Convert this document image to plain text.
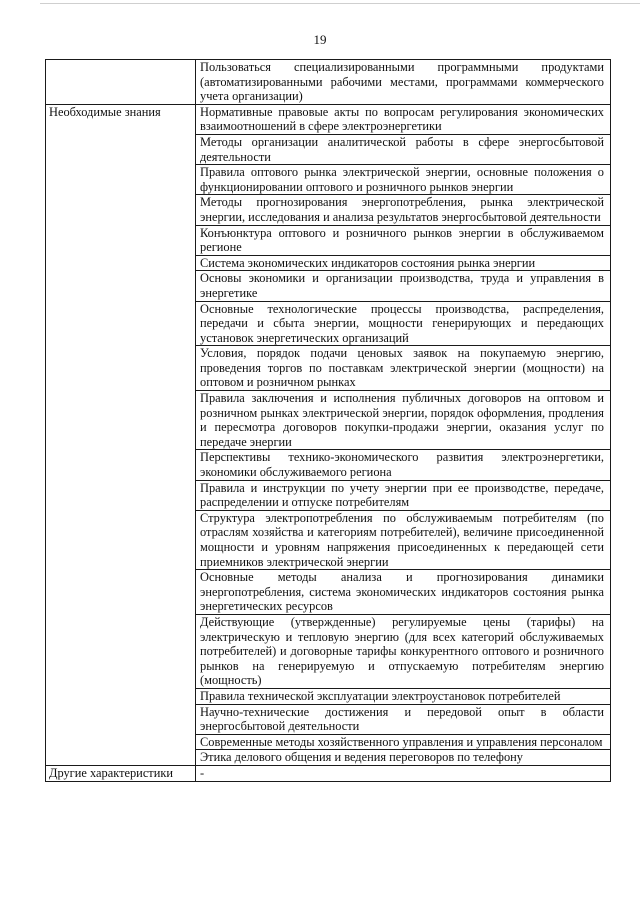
19
	Пользоваться специализированными программными продуктами (автоматизированными рабочими местами, программами коммерческого учета организации)
Необходимые знания	Нормативные правовые акты по вопросам регулирования экономических взаимоотношений в сфере электроэнергетики
	Методы организации аналитической работы в сфере энергосбытовой деятельности
	Правила оптового рынка электрической энергии, основные положения о функционировании оптового и розничного рынков энергии
	Методы прогнозирования энергопотребления, рынка электрической энергии, исследования и анализа результатов энергосбытовой деятельности
	Конъюнктура оптового и розничного рынков энергии в обслуживаемом регионе
	Система экономических индикаторов состояния рынка энергии
	Основы экономики и организации производства, труда и управления в энергетике
	Основные технологические процессы производства, распределения, передачи и сбыта энергии, мощности генерирующих и передающих установок энергетических организаций
	Условия, порядок подачи ценовых заявок на покупаемую энергию, проведения торгов по поставкам электрической энергии (мощности) на оптовом и розничном рынках
	Правила заключения и исполнения публичных договоров на оптовом и розничном рынках электрической энергии, порядок оформления, продления и пересмотра договоров покупки-продажи энергии, оказания услуг по передаче энергии
	Перспективы технико-экономического развития электроэнергетики, экономики обслуживаемого региона
	Правила и инструкции по учету энергии при ее производстве, передаче, распределении и отпуске потребителям
	Структура электропотребления по обслуживаемым потребителям (по отраслям хозяйства и категориям потребителей), величине присоединенной мощности и уровням напряжения присоединенных к передающей сети приемников электрической энергии
	Основные методы анализа и прогнозирования динамики энергопотребления, система экономических индикаторов состояния рынка энергетических ресурсов
	Действующие (утвержденные) регулируемые цены (тарифы) на электрическую и тепловую энергию (для всех категорий обслуживаемых потребителей) и договорные тарифы конкурентного оптового и розничного рынков на генерируемую и отпускаемую потребителям энергию (мощность)
	Правила технической эксплуатации электроустановок потребителей
	Научно-технические достижения и передовой опыт в области энергосбытовой деятельности
	Современные методы хозяйственного управления и управления персоналом
	Этика делового общения и ведения переговоров по телефону
Другие характеристики	-
